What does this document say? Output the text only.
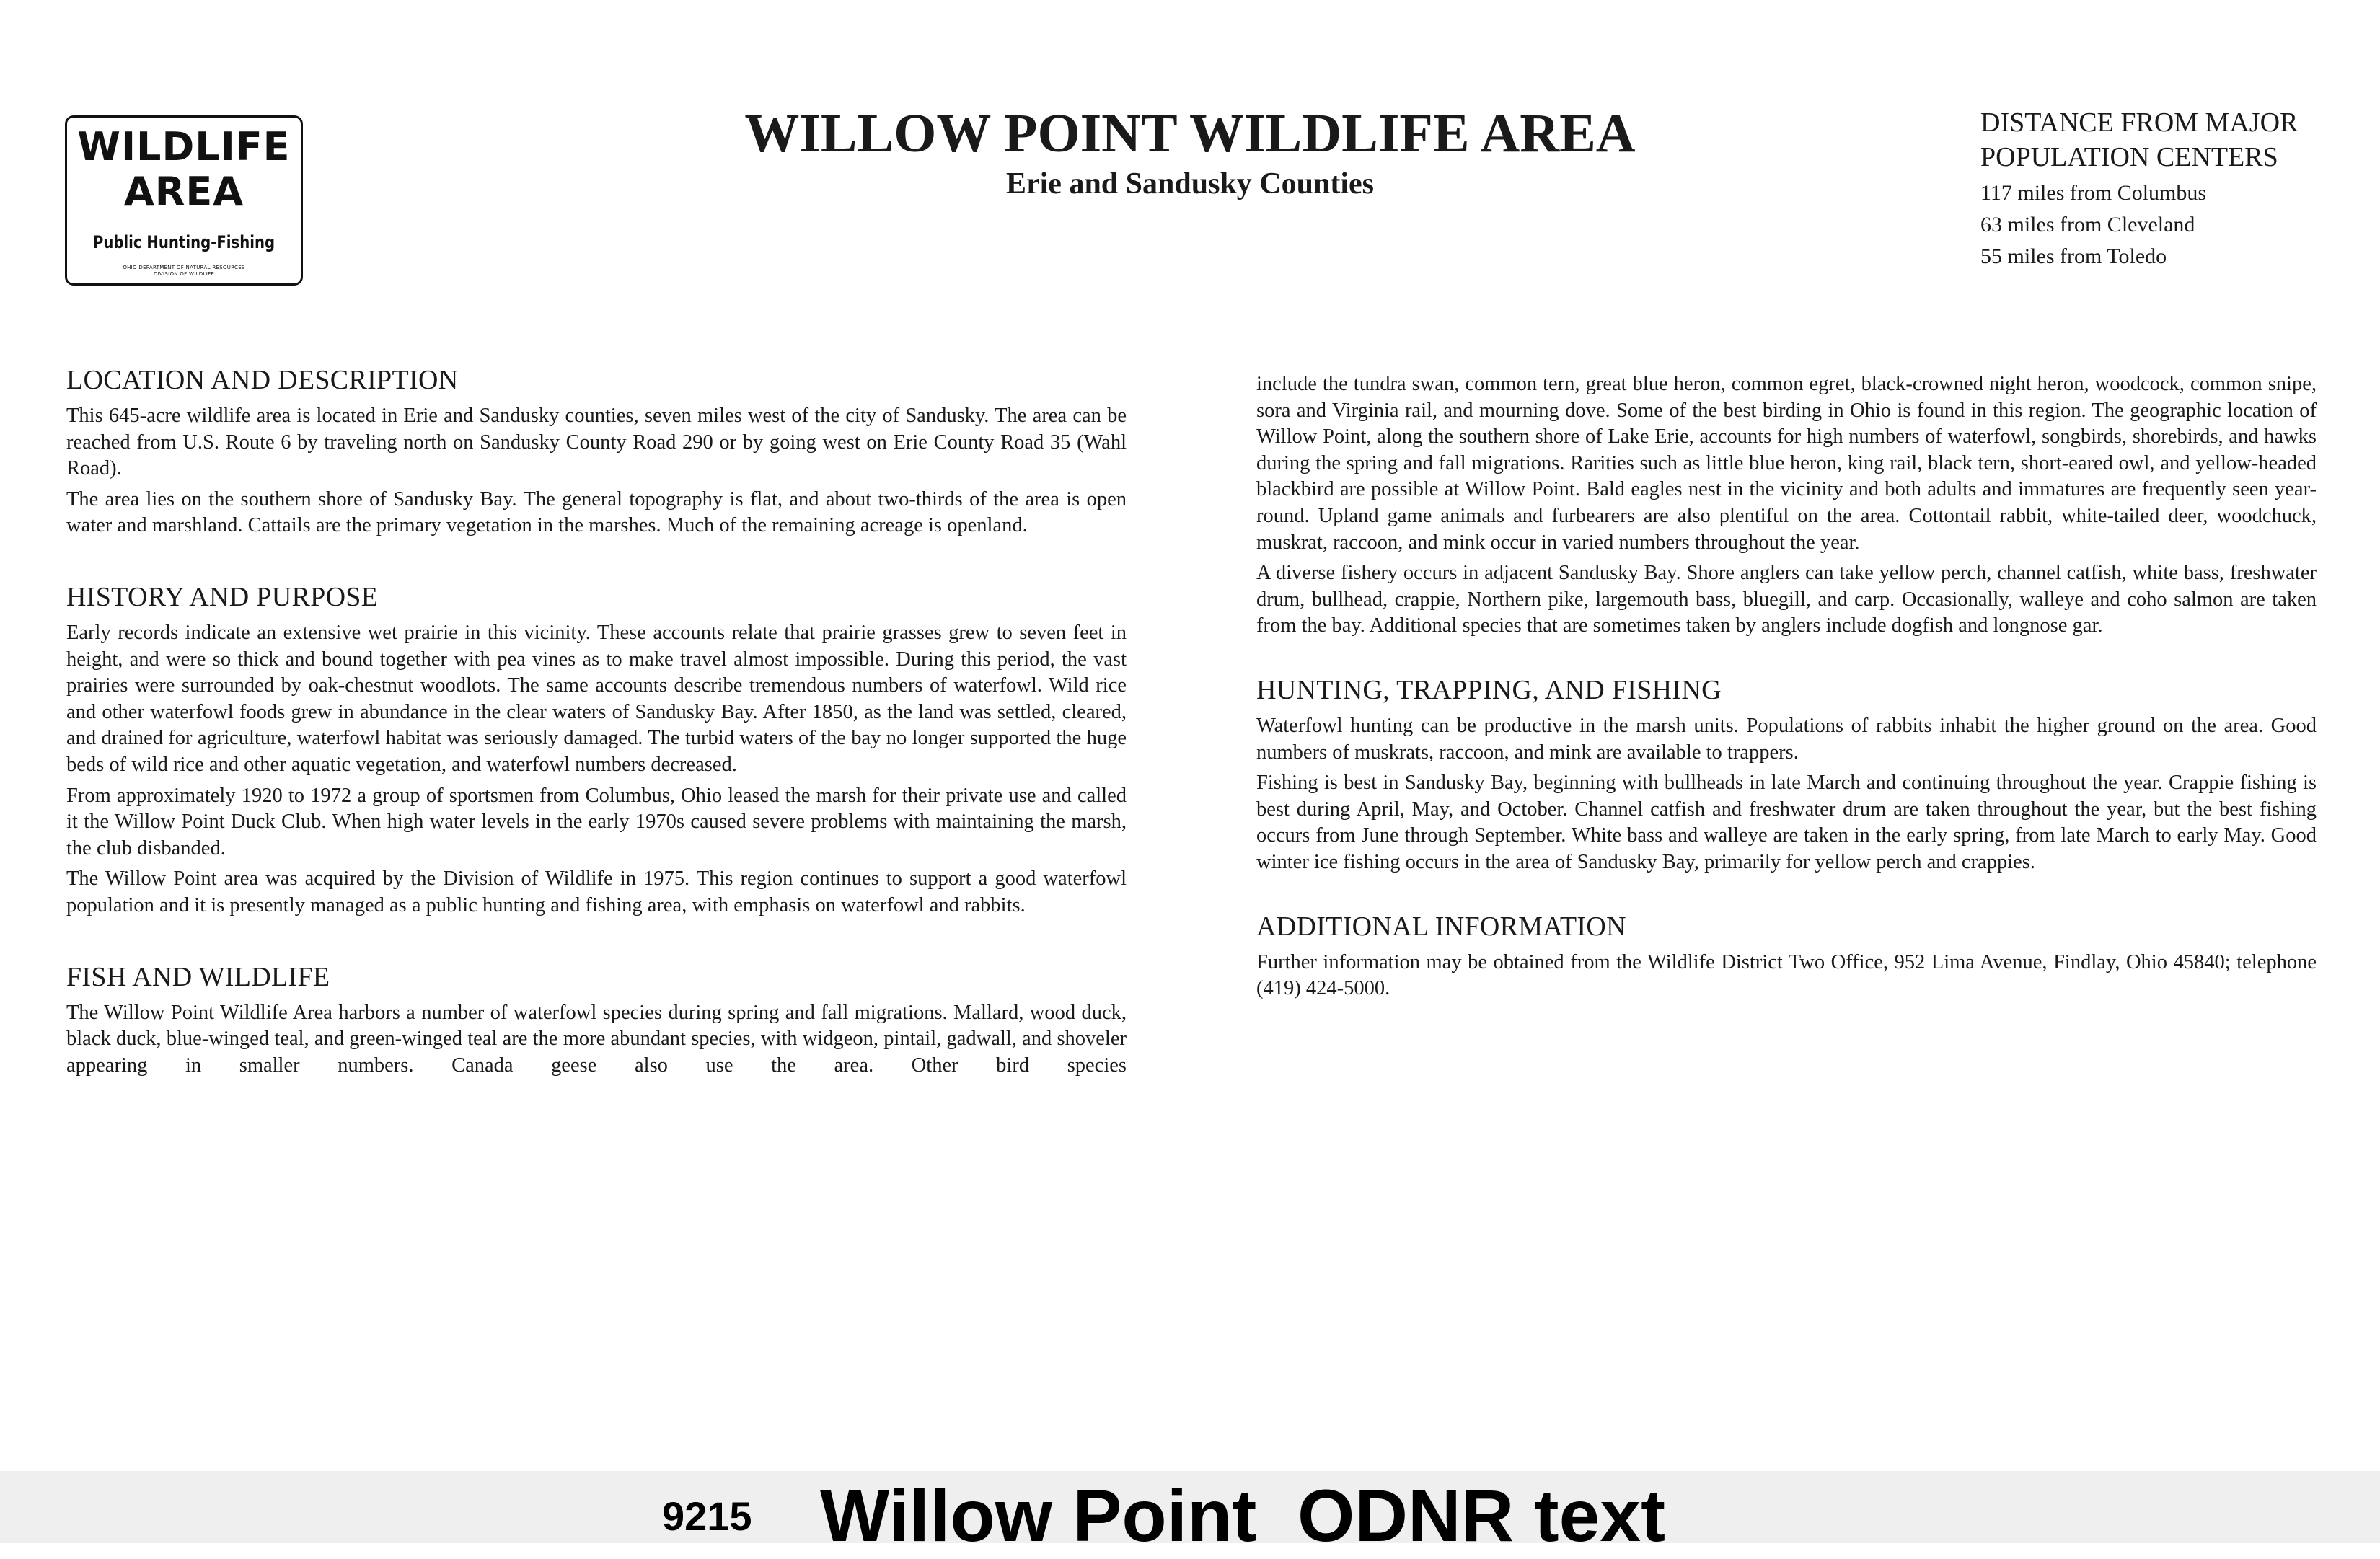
WILDLIFE
AREA
Public Hunting-Fishing
OHIO DEPARTMENT OF NATURAL RESOURCES
DIVISION OF WILDLIFE
WILLOW POINT WILDLIFE AREA
Erie and Sandusky Counties
DISTANCE FROM MAJOR
POPULATION CENTERS

117 miles from Columbus

63 miles from Cleveland

55 miles from Toledo

LOCATION AND DESCRIPTION

This 645-acre wildlife area is located in Erie and Sandusky counties, seven miles west of the city of Sandusky. The area can be reached from U.S. Route 6 by traveling north on Sandusky County Road 290 or by going west on Erie County Road 35 (Wahl Road).

The area lies on the southern shore of Sandusky Bay. The general topography is flat, and about two-thirds of the area is open water and marshland. Cattails are the primary vegetation in the marshes. Much of the remaining acreage is openland.

HISTORY AND PURPOSE

Early records indicate an extensive wet prairie in this vicinity. These accounts relate that prairie grasses grew to seven feet in height, and were so thick and bound together with pea vines as to make travel almost impossible. During this period, the vast prairies were surrounded by oak-chestnut woodlots. The same accounts describe tremendous numbers of waterfowl. Wild rice and other waterfowl foods grew in abundance in the clear waters of Sandusky Bay. After 1850, as the land was settled, cleared, and drained for agriculture, waterfowl habitat was seriously damaged. The turbid waters of the bay no longer supported the huge beds of wild rice and other aquatic vegetation, and waterfowl numbers decreased.

From approximately 1920 to 1972 a group of sportsmen from Columbus, Ohio leased the marsh for their private use and called it the Willow Point Duck Club. When high water levels in the early 1970s caused severe problems with maintaining the marsh, the club disbanded.

The Willow Point area was acquired by the Division of Wildlife in 1975. This region continues to support a good waterfowl population and it is presently managed as a public hunting and fishing area, with emphasis on waterfowl and rabbits.

FISH AND WILDLIFE

The Willow Point Wildlife Area harbors a number of waterfowl species during spring and fall migrations. Mallard, wood duck, black duck, blue-winged teal, and green-winged teal are the more abundant species, with widgeon, pintail, gadwall, and shoveler appearing in smaller numbers. Canada geese also use the area. Other bird species

include the tundra swan, common tern, great blue heron, common egret, black-crowned night heron, woodcock, common snipe, sora and Virginia rail, and mourning dove. Some of the best birding in Ohio is found in this region. The geographic location of Willow Point, along the southern shore of Lake Erie, accounts for high numbers of waterfowl, songbirds, shorebirds, and hawks during the spring and fall migrations. Rarities such as little blue heron, king rail, black tern, short-eared owl, and yellow-headed blackbird are possible at Willow Point. Bald eagles nest in the vicinity and both adults and immatures are frequently seen year-round. Upland game animals and furbearers are also plentiful on the area. Cottontail rabbit, white-tailed deer, woodchuck, muskrat, raccoon, and mink occur in varied numbers throughout the year.

A diverse fishery occurs in adjacent Sandusky Bay. Shore anglers can take yellow perch, channel catfish, white bass, freshwater drum, bullhead, crappie, Northern pike, largemouth bass, bluegill, and carp. Occasionally, walleye and coho salmon are taken from the bay. Additional species that are sometimes taken by anglers include dogfish and longnose gar.

HUNTING, TRAPPING, AND FISHING

Waterfowl hunting can be productive in the marsh units. Populations of rabbits inhabit the higher ground on the area. Good numbers of muskrats, raccoon, and mink are available to trappers.

Fishing is best in Sandusky Bay, beginning with bullheads in late March and continuing throughout the year. Crappie fishing is best during April, May, and October. Channel catfish and freshwater drum are taken throughout the year, but the best fishing occurs from June through September. White bass and walleye are taken in the early spring, from late March to early May. Good winter ice fishing occurs in the area of Sandusky Bay, primarily for yellow perch and crappies.

ADDITIONAL INFORMATION

Further information may be obtained from the Wildlife District Two Office, 952 Lima Avenue, Findlay, Ohio 45840; telephone (419) 424-5000.

9215 Willow Point  ODNR text
